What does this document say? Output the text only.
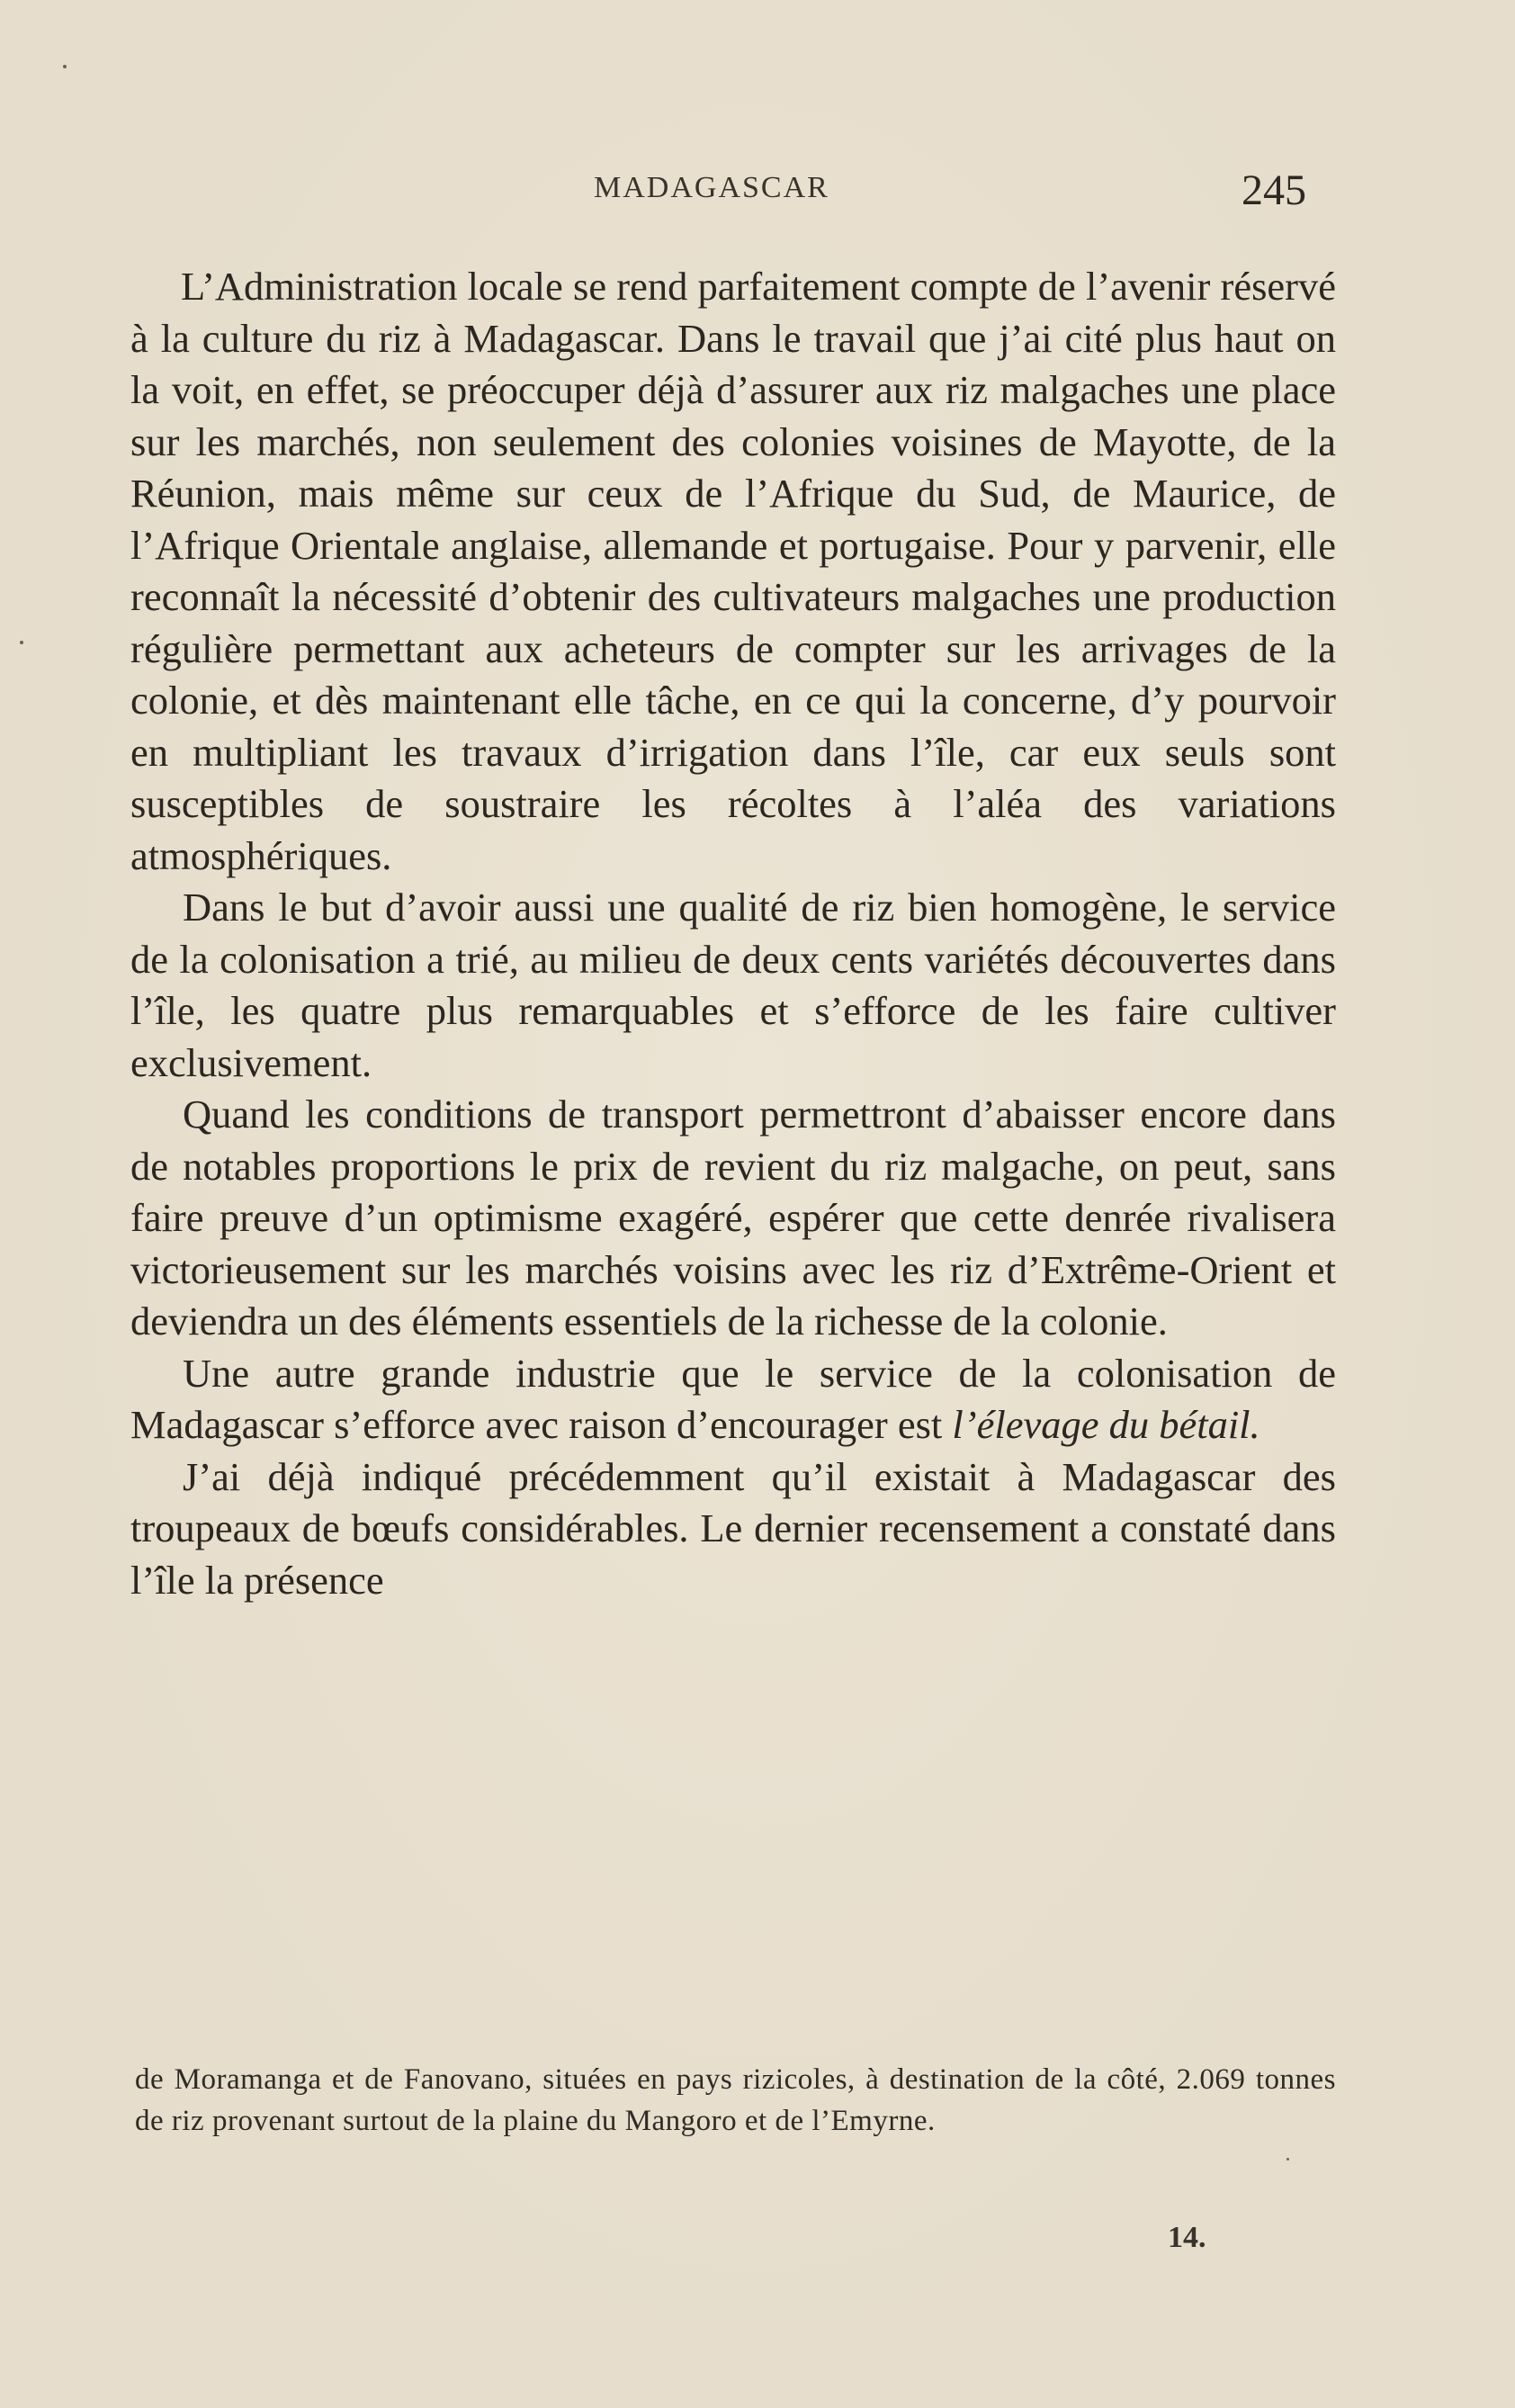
MADAGASCAR	245

L’Administration locale se rend parfaitement compte de l’avenir réservé à la culture du riz à Madagascar. Dans le travail que j’ai cité plus haut on la voit, en effet, se préoccuper déjà d’assurer aux riz malgaches une place sur les marchés, non seulement des colonies voisines de Mayotte, de la Réunion, mais même sur ceux de l’Afrique du Sud, de Maurice, de l’Afrique Orientale anglaise, allemande et portugaise. Pour y parvenir, elle reconnaît la nécessité d’obtenir des cultivateurs malgaches une production régulière permettant aux acheteurs de compter sur les arrivages de la colonie, et dès maintenant elle tâche, en ce qui la concerne, d’y pourvoir en multipliant les travaux d’irrigation dans l’île, car eux seuls sont susceptibles de soustraire les récoltes à l’aléa des variations atmosphériques.

Dans le but d’avoir aussi une qualité de riz bien homogène, le service de la colonisation a trié, au milieu de deux cents variétés découvertes dans l’île, les quatre plus remarquables et s’efforce de les faire cultiver exclusivement.

Quand les conditions de transport permettront d’abaisser encore dans de notables proportions le prix de revient du riz malgache, on peut, sans faire preuve d’un optimisme exagéré, espérer que cette denrée rivalisera victorieusement sur les marchés voisins avec les riz d’Extrême-Orient et deviendra un des éléments essentiels de la richesse de la colonie.

Une autre grande industrie que le service de la colonisation de Madagascar s’efforce avec raison d’encourager est l’élevage du bétail.

J’ai déjà indiqué précédemment qu’il existait à Madagascar des troupeaux de bœufs considérables. Le dernier recensement a constaté dans l’île la présence

de Moramanga et de Fanovano, situées en pays rizicoles, à destination de la côté, 2.069 tonnes de riz provenant surtout de la plaine du Mangoro et de l’Emyrne.
14.
